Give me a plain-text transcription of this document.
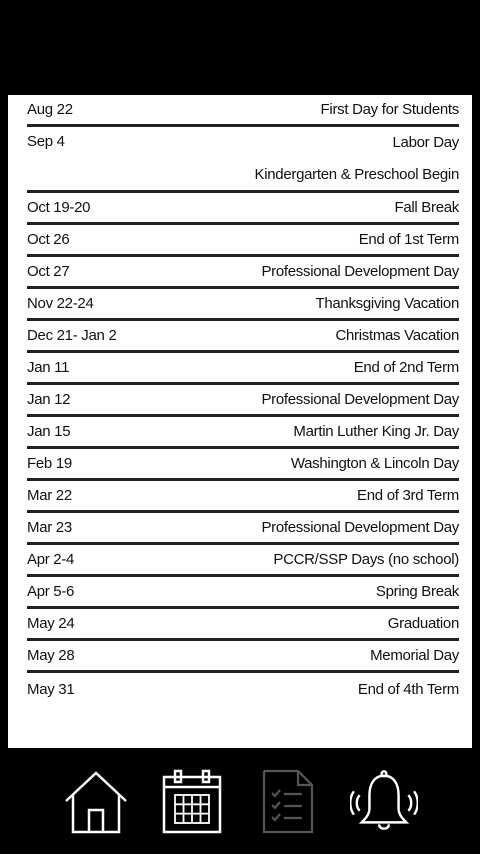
Aug 22	First Day for Students
Sep 4	Labor Day
Kindergarten & Preschool Begin
Oct 19-20	Fall Break
Oct 26	End of 1st Term
Oct 27	Professional Development Day
Nov 22-24	Thanksgiving Vacation
Dec 21- Jan 2	Christmas Vacation
Jan 11	End of 2nd Term
Jan 12	Professional Development Day
Jan 15	Martin Luther King Jr. Day
Feb 19	Washington & Lincoln Day
Mar 22	End of 3rd Term
Mar 23	Professional Development Day
Apr 2-4	PCCR/SSP Days (no school)
Apr 5-6	Spring Break
May 24	Graduation
May 28	Memorial Day
May 31	End of 4th Term
